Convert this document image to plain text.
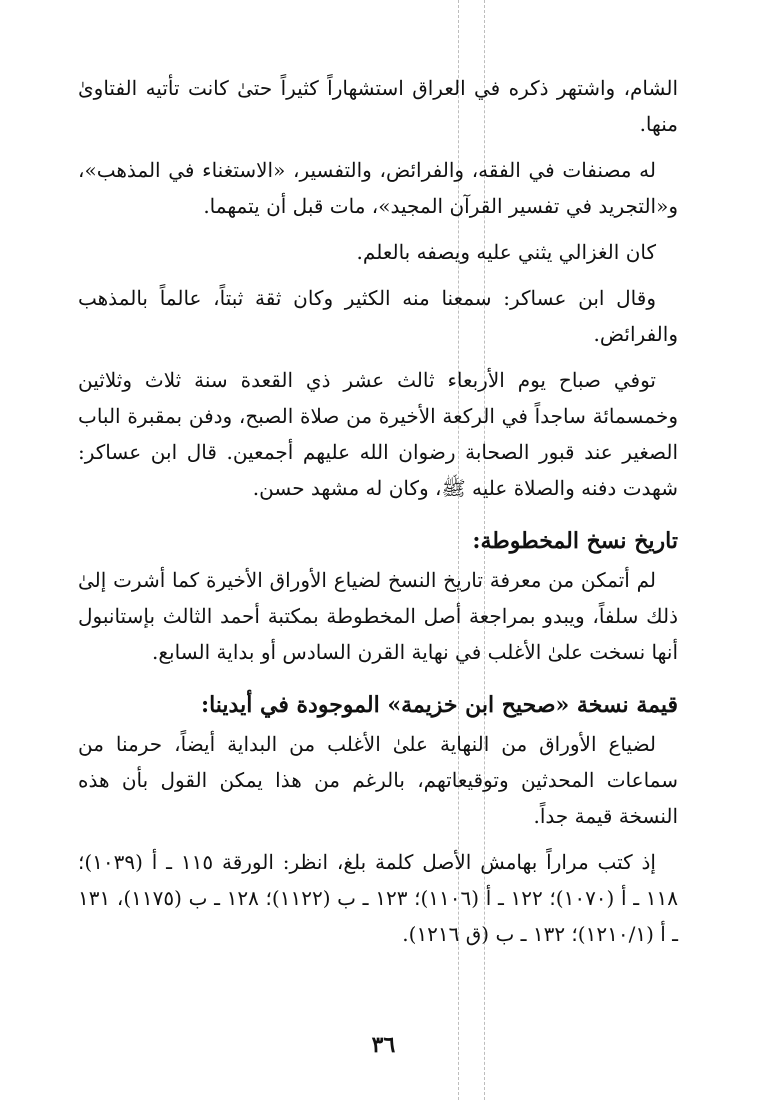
الشام، واشتهر ذكره في العراق استشهاراً كثيراً حتىٰ كانت تأتيه الفتاوىٰ منها.

له مصنفات في الفقه، والفرائض، والتفسير، «الاستغناء في المذهب»، و«التجريد في تفسير القرآن المجيد»، مات قبل أن يتمهما.

كان الغزالي يثني عليه ويصفه بالعلم.

وقال ابن عساكر: سمعنا منه الكثير وكان ثقة ثبتاً، عالماً بالمذهب والفرائض.

توفي صباح يوم الأربعاء ثالث عشر ذي القعدة سنة ثلاث وثلاثين وخمسمائة ساجداً في الركعة الأخيرة من صلاة الصبح، ودفن بمقبرة الباب الصغير عند قبور الصحابة رضوان الله عليهم أجمعين. قال ابن عساكر: شهدت دفنه والصلاة عليه ﷺ، وكان له مشهد حسن.

تاريخ نسخ المخطوطة:

لم أتمكن من معرفة تاريخ النسخ لضياع الأوراق الأخيرة كما أشرت إلىٰ ذلك سلفاً، ويبدو بمراجعة أصل المخطوطة بمكتبة أحمد الثالث بإستانبول أنها نسخت علىٰ الأغلب في نهاية القرن السادس أو بداية السابع.

قيمة نسخة «صحيح ابن خزيمة» الموجودة في أيدينا:

لضياع الأوراق من النهاية علىٰ الأغلب من البداية أيضاً، حرمنا من سماعات المحدثين وتوقيعاتهم، بالرغم من هذا يمكن القول بأن هذه النسخة قيمة جداً.

إذ كتب مراراً بهامش الأصل كلمة بلغ، انظر: الورقة ١١٥ ـ أ (١٠٣٩)؛ ١١٨ ـ أ (١٠٧٠)؛ ١٢٢ ـ أ (١١٠٦)؛ ١٢٣ ـ ب (١١٢٢)؛ ١٢٨ ـ ب (١١٧٥)، ١٣١ ـ أ (١٢١٠/١)؛ ١٣٢ ـ ب (ق ١٢١٦).

٣٦
